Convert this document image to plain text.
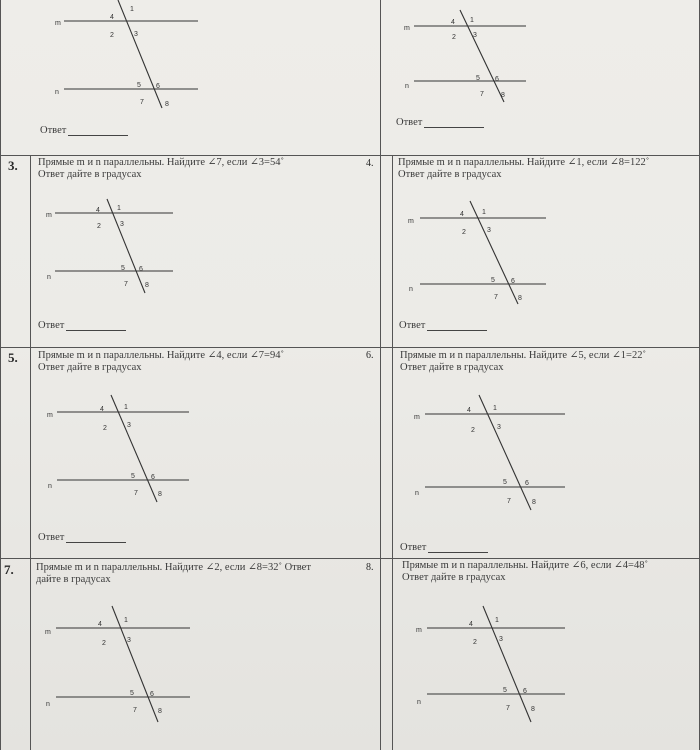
m
n
1
4
2	3
5 6
7	8
Ответ
m
n
1
4
2 3
5 6
7 8
Ответ
3. Прямые m и n параллельны. Найдите ∠7, если ∠3=54˚
Ответ дайте в градусах
m
n
1
4
2	3
5 6
7 8
Ответ
4. Прямые m и n параллельны. Найдите ∠1, если ∠8=122˚
Ответ дайте в градусах
m
n
1
4
2	3
5 6
7	8
Ответ
5. Прямые m и n параллельны. Найдите ∠4, если ∠7=94˚
Ответ дайте в градусах
m
n
1
4
2	3
5 6
7	8
Ответ
6.	Прямые m и n параллельны. Найдите ∠5, если ∠1=22˚
Ответ дайте в градусах
m
n
1
4
2	3
5	6
7	8
Ответ
7. Прямые m и n параллельны. Найдите ∠2, если ∠8=32˚ Ответ
дайте в градусах
m
n
1
4
2	3
5 6
7	8
8.	Прямые m и n параллельны. Найдите ∠6, если ∠4=48˚
Ответ дайте в градусах
m
n
1
4
2	3
5 6
7	8
